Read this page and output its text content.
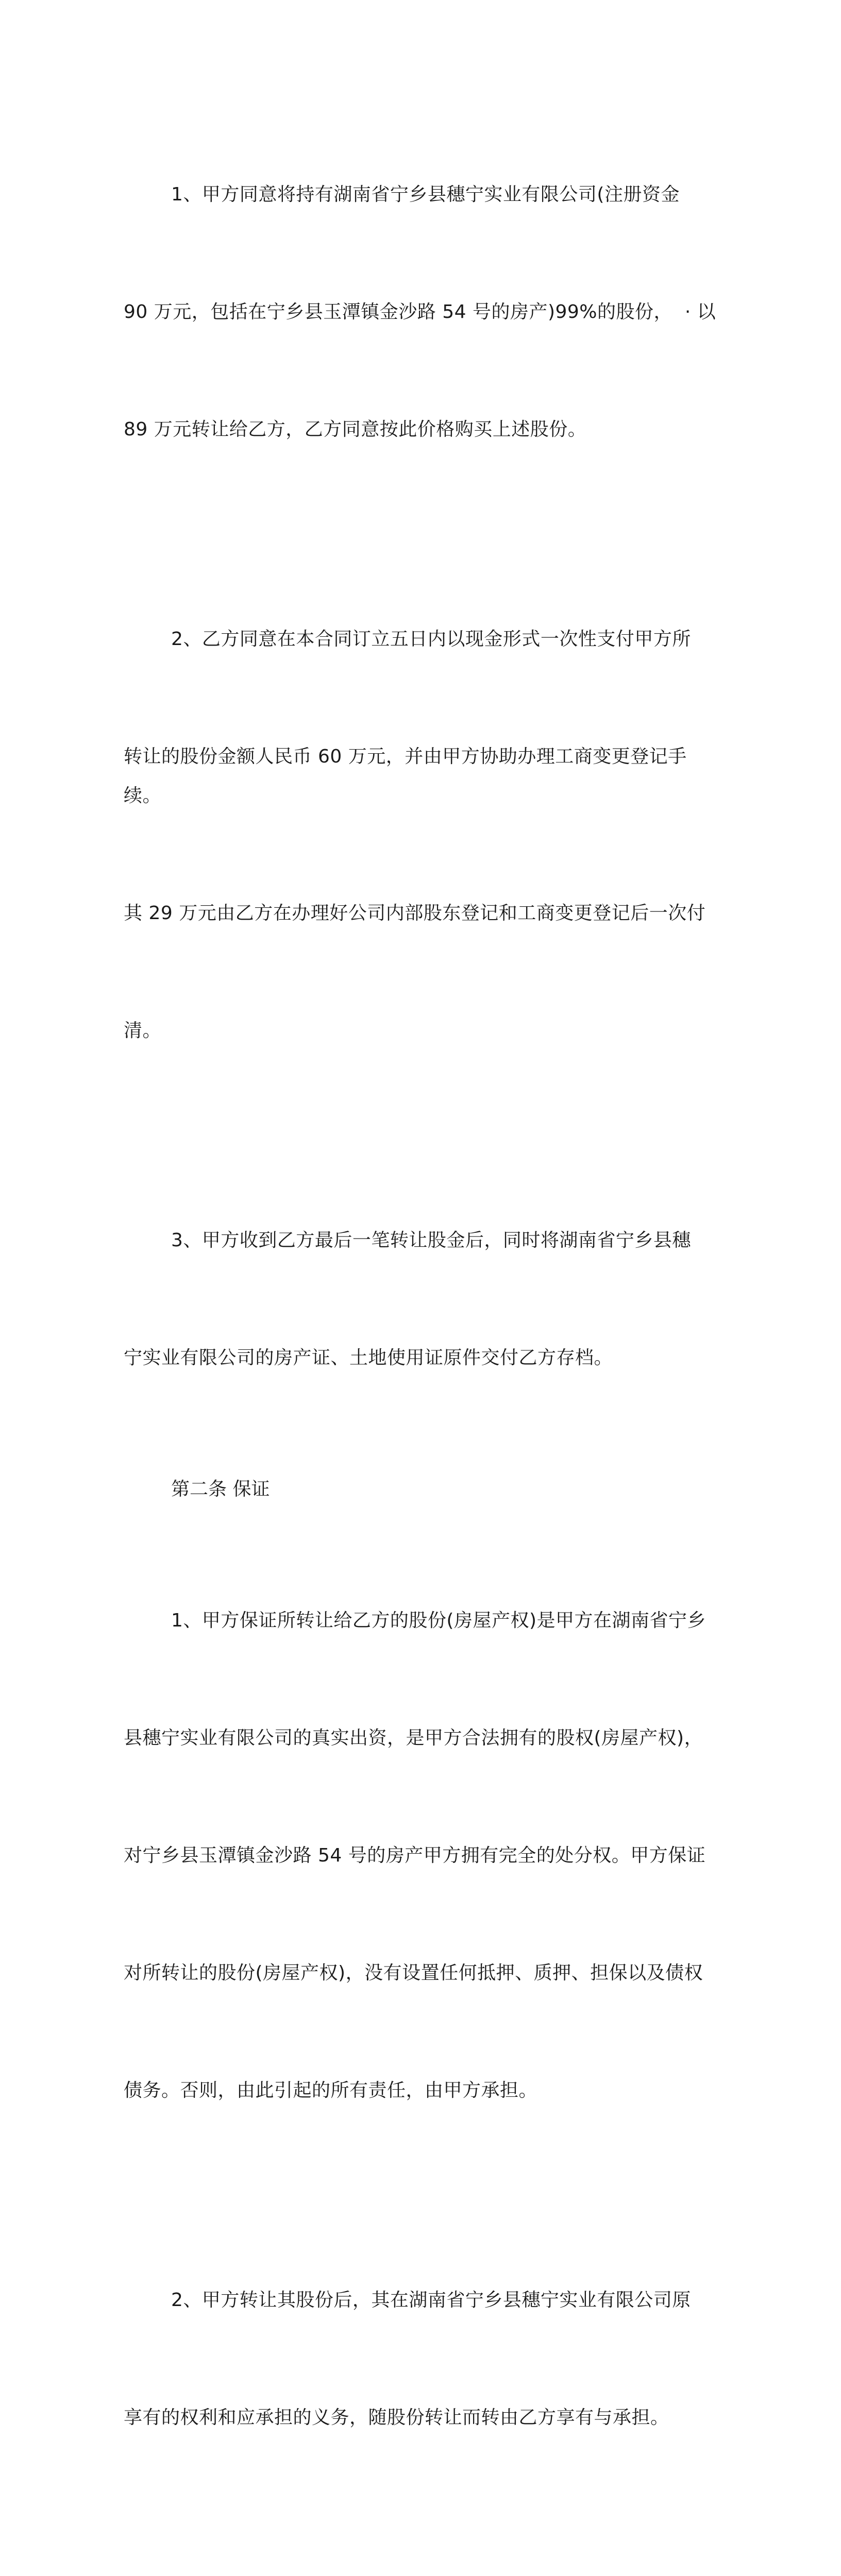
1、甲方同意将持有湖南省宁乡县穗宁实业有限公司(注册资金

90 万元，包括在宁乡县玉潭镇金沙路 54 号的房产)99%的股份，  · 以

89 万元转让给乙方，乙方同意按此价格购买上述股份。

2、乙方同意在本合同订立五日内以现金形式一次性支付甲方所

转让的股份金额人民币 60 万元，并由甲方协助办理工商变更登记手续。

其 29 万元由乙方在办理好公司内部股东登记和工商变更登记后一次付

清。

3、甲方收到乙方最后一笔转让股金后，同时将湖南省宁乡县穗

宁实业有限公司的房产证、土地使用证原件交付乙方存档。

第二条 保证

1、甲方保证所转让给乙方的股份(房屋产权)是甲方在湖南省宁乡

县穗宁实业有限公司的真实出资，是甲方合法拥有的股权(房屋产权)，

对宁乡县玉潭镇金沙路 54 号的房产甲方拥有完全的处分权。甲方保证

对所转让的股份(房屋产权)，没有设置任何抵押、质押、担保以及债权

债务。否则，由此引起的所有责任，由甲方承担。

2、甲方转让其股份后，其在湖南省宁乡县穗宁实业有限公司原

享有的权利和应承担的义务，随股份转让而转由乙方享有与承担。
